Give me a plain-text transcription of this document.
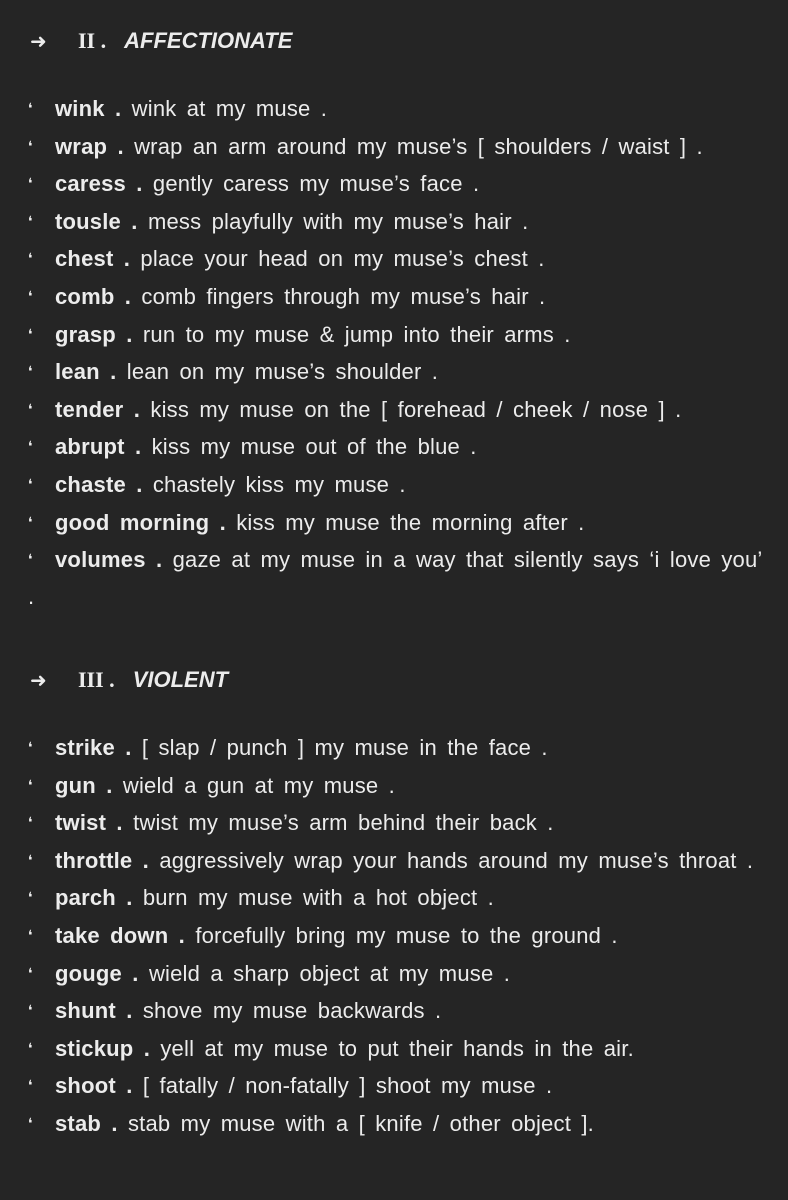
➜	II . AFFECTIONATE
❛ wink . wink at my muse .
❛ wrap . wrap an arm around my muse’s [ shoulders / waist ] .
❛ caress . gently caress my muse’s face .
❛ tousle . mess playfully with my muse’s hair .
❛ chest . place your head on my muse’s chest .
❛ comb . comb fingers through my muse’s hair .
❛ grasp . run to my muse & jump into their arms .
❛ lean . lean on my muse’s shoulder .
❛ tender . kiss my muse on the [ forehead / cheek / nose ] .
❛ abrupt . kiss my muse out of the blue .
❛ chaste . chastely kiss my muse .
❛ good morning . kiss my muse the morning after .
❛ volumes . gaze at my muse in a way that silently says ‘i love you’ .
➜	III . VIOLENT
❛ strike . [ slap / punch ] my muse in the face .
❛ gun . wield a gun at my muse .
❛ twist . twist my muse’s arm behind their back .
❛ throttle . aggressively wrap your hands around my muse’s throat .
❛ parch . burn my muse with a hot object .
❛ take down . forcefully bring my muse to the ground .
❛ gouge . wield a sharp object at my muse .
❛ shunt . shove my muse backwards .
❛ stickup . yell at my muse to put their hands in the air.
❛ shoot . [ fatally / non-fatally ] shoot my muse .
❛ stab . stab my muse with a [ knife / other object ].
